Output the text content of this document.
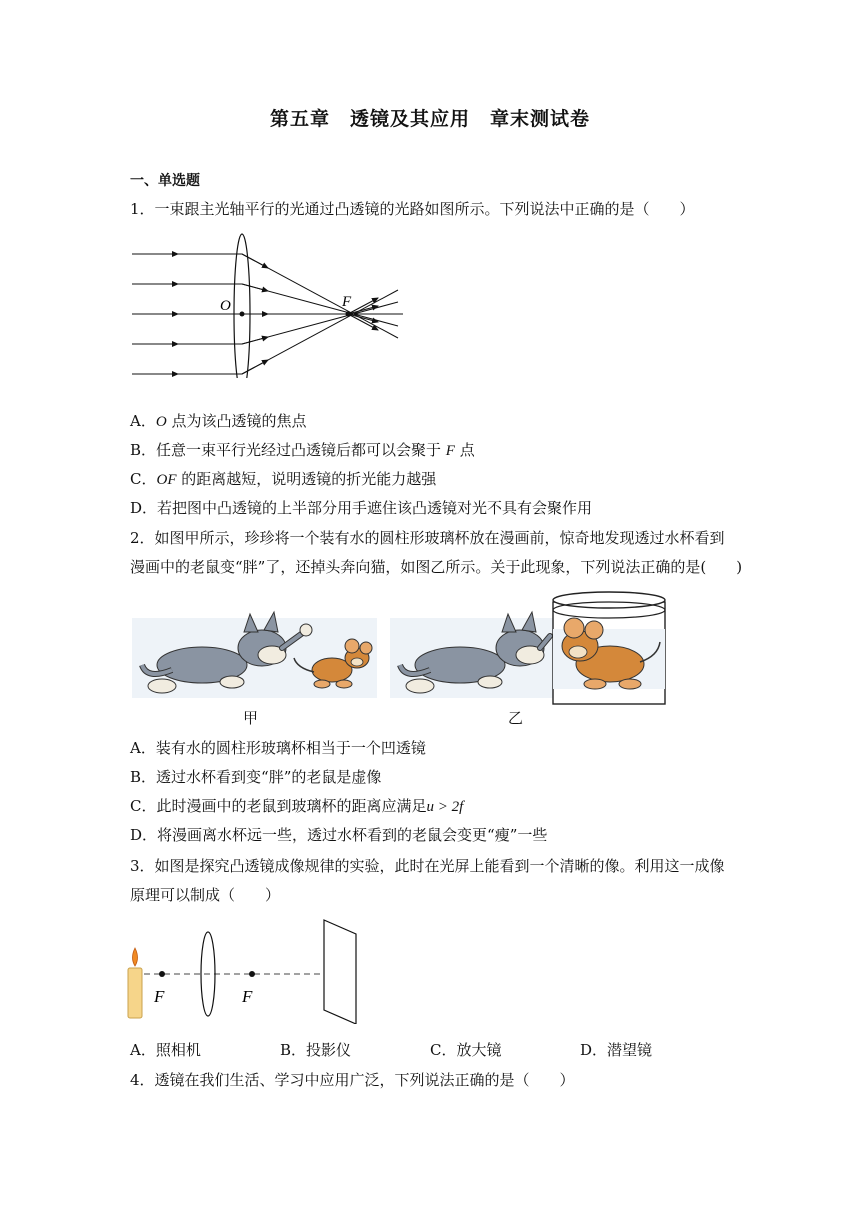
第五章　透镜及其应用　章末测试卷
一、单选题
1．一束跟主光轴平行的光通过凸透镜的光路如图所示。下列说法中正确的是（　　）
O	F
A．O 点为该凸透镜的焦点
B．任意一束平行光经过凸透镜后都可以会聚于 F 点
C．OF 的距离越短，说明透镜的折光能力越强
D．若把图中凸透镜的上半部分用手遮住该凸透镜对光不具有会聚作用
2．如图甲所示，珍珍将一个装有水的圆柱形玻璃杯放在漫画前，惊奇地发现透过水杯看到
漫画中的老鼠变“胖”了，还掉头奔向猫，如图乙所示。关于此现象，下列说法正确的是(　　)
甲	乙
A．装有水的圆柱形玻璃杯相当于一个凹透镜
B．透过水杯看到变“胖”的老鼠是虚像
C．此时漫画中的老鼠到玻璃杯的距离应满足u > 2f
D．将漫画离水杯远一些，透过水杯看到的老鼠会变更“瘦”一些
3．如图是探究凸透镜成像规律的实验，此时在光屏上能看到一个清晰的像。利用这一成像
原理可以制成（　　）
F	F
A．照相机	B．投影仪	C．放大镜	D．潜望镜
4．透镜在我们生活、学习中应用广泛，下列说法正确的是（　　）
